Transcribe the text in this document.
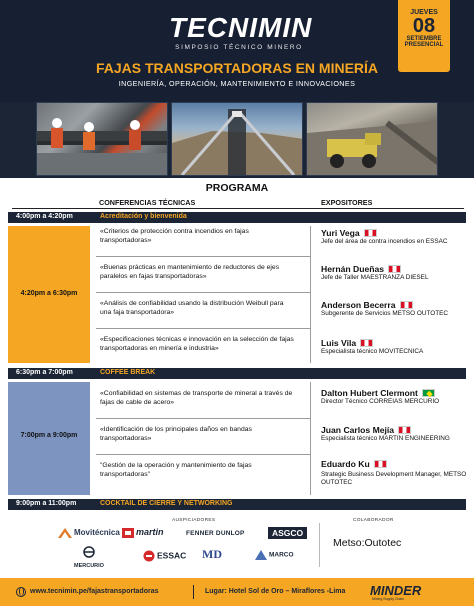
TECNIMIN
SIMPOSIO TÉCNICO MINERO
JUEVES
08
SETIEMBRE
PRESENCIAL
FAJAS TRANSPORTADORAS EN MINERÍA
INGENIERÍA, OPERACIÓN, MANTENIMIENTO E INNOVACIONES
PROGRAMA
CONFERENCIAS TÉCNICAS	EXPOSITORES
4:00pm a 4:20pm	Acreditación y bienvenida
4:20pm a 6:30pm
«Criterios de protección contra incendios en fajas transportadoras»
Yuri Vega
Jefe del área de contra incendios en ESSAC
«Buenas prácticas en mantenimiento de reductores de ejes paralelos en fajas transportadoras»
Hernán Dueñas
Jefe de Taller MAESTRANZA DIESEL
«Análisis de confiabilidad usando la distribución Weibull para una faja transportadora»
Anderson Becerra
Subgerente de Servicios METSO OUTOTEC
«Especificaciones técnicas e innovación en la selección de fajas transportadoras en minería e industria»
Luis Vila
Especialista técnico MOVITECNICA
6:30pm a 7:00pm	COFFEE BREAK
7:00pm a 9:00pm
«Confiabilidad en sistemas de transporte de mineral a través de fajas de cable de acero»
Dalton Hubert Clermont
Director Técnico CORREIAS MERCURIO
«Identificación de los principales daños en bandas transportadoras»
Juan Carlos Mejía
Especialista técnico MARTIN ENGINEERING
"Gestión de la operación y mantenimiento de fajas transportadoras"
Eduardo Ku
Strategic Business Development Manager, METSO OUTOTEC
9:00pm a 11:00pm	COCKTAIL DE CIERRE Y NETWORKING
AUSPICIADORES	COLABORADOR
Movitécnica	martin	FENNER DUNLOP	ASGCO
MERCURIO
ESSAC MD	MARCO
Metso:Outotec
www.tecnimin.pe/fajastransportadoras	Lugar: Hotel Sol de Oro – Miraflores -Lima MINDER
Mining Supply Chain
